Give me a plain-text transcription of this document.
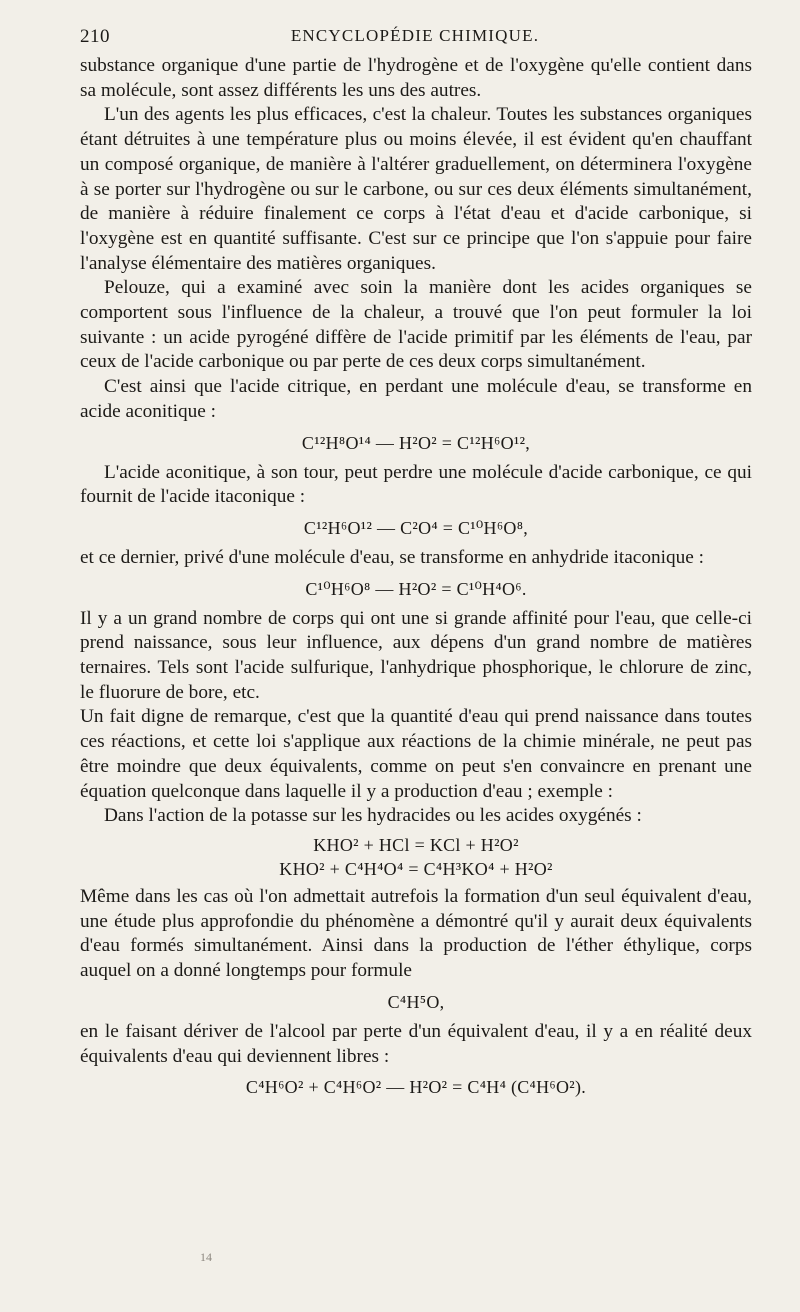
210	ENCYCLOPÉDIE CHIMIQUE.

substance organique d'une partie de l'hydrogène et de l'oxygène qu'elle contient dans sa molécule, sont assez différents les uns des autres.

L'un des agents les plus efficaces, c'est la chaleur. Toutes les substances organiques étant détruites à une température plus ou moins élevée, il est évident qu'en chauffant un composé organique, de manière à l'altérer graduellement, on déterminera l'oxygène à se porter sur l'hydrogène ou sur le carbone, ou sur ces deux éléments simultanément, de manière à réduire finalement ce corps à l'état d'eau et d'acide carbonique, si l'oxygène est en quantité suffisante. C'est sur ce principe que l'on s'appuie pour faire l'analyse élémentaire des matières organiques.

Pelouze, qui a examiné avec soin la manière dont les acides organiques se comportent sous l'influence de la chaleur, a trouvé que l'on peut formuler la loi suivante : un acide pyrogéné diffère de l'acide primitif par les éléments de l'eau, par ceux de l'acide carbonique ou par perte de ces deux corps simultanément.

C'est ainsi que l'acide citrique, en perdant une molécule d'eau, se transforme en acide aconitique :

C¹²H⁸O¹⁴ — H²O² = C¹²H⁶O¹²,

L'acide aconitique, à son tour, peut perdre une molécule d'acide carbonique, ce qui fournit de l'acide itaconique :

C¹²H⁶O¹² — C²O⁴ = C¹⁰H⁶O⁸,

et ce dernier, privé d'une molécule d'eau, se transforme en anhydride itaconique :

C¹⁰H⁶O⁸ — H²O² = C¹⁰H⁴O⁶.

Il y a un grand nombre de corps qui ont une si grande affinité pour l'eau, que celle-ci prend naissance, sous leur influence, aux dépens d'un grand nombre de matières ternaires. Tels sont l'acide sulfurique, l'anhydrique phosphorique, le chlorure de zinc, le fluorure de bore, etc.

Un fait digne de remarque, c'est que la quantité d'eau qui prend naissance dans toutes ces réactions, et cette loi s'applique aux réactions de la chimie minérale, ne peut pas être moindre que deux équivalents, comme on peut s'en convaincre en prenant une équation quelconque dans laquelle il y a production d'eau ; exemple :

Dans l'action de la potasse sur les hydracides ou les acides oxygénés :

KHO² + HCl = KCl + H²O²
KHO² + C⁴H⁴O⁴ = C⁴H³KO⁴ + H²O²

Même dans les cas où l'on admettait autrefois la formation d'un seul équivalent d'eau, une étude plus approfondie du phénomène a démontré qu'il y aurait deux équivalents d'eau formés simultanément. Ainsi dans la production de l'éther éthylique, corps auquel on a donné longtemps pour formule

C⁴H⁵O,

en le faisant dériver de l'alcool par perte d'un équivalent d'eau, il y a en réalité deux équivalents d'eau qui deviennent libres :

C⁴H⁶O² + C⁴H⁶O² — H²O² = C⁴H⁴ (C⁴H⁶O²).
14
